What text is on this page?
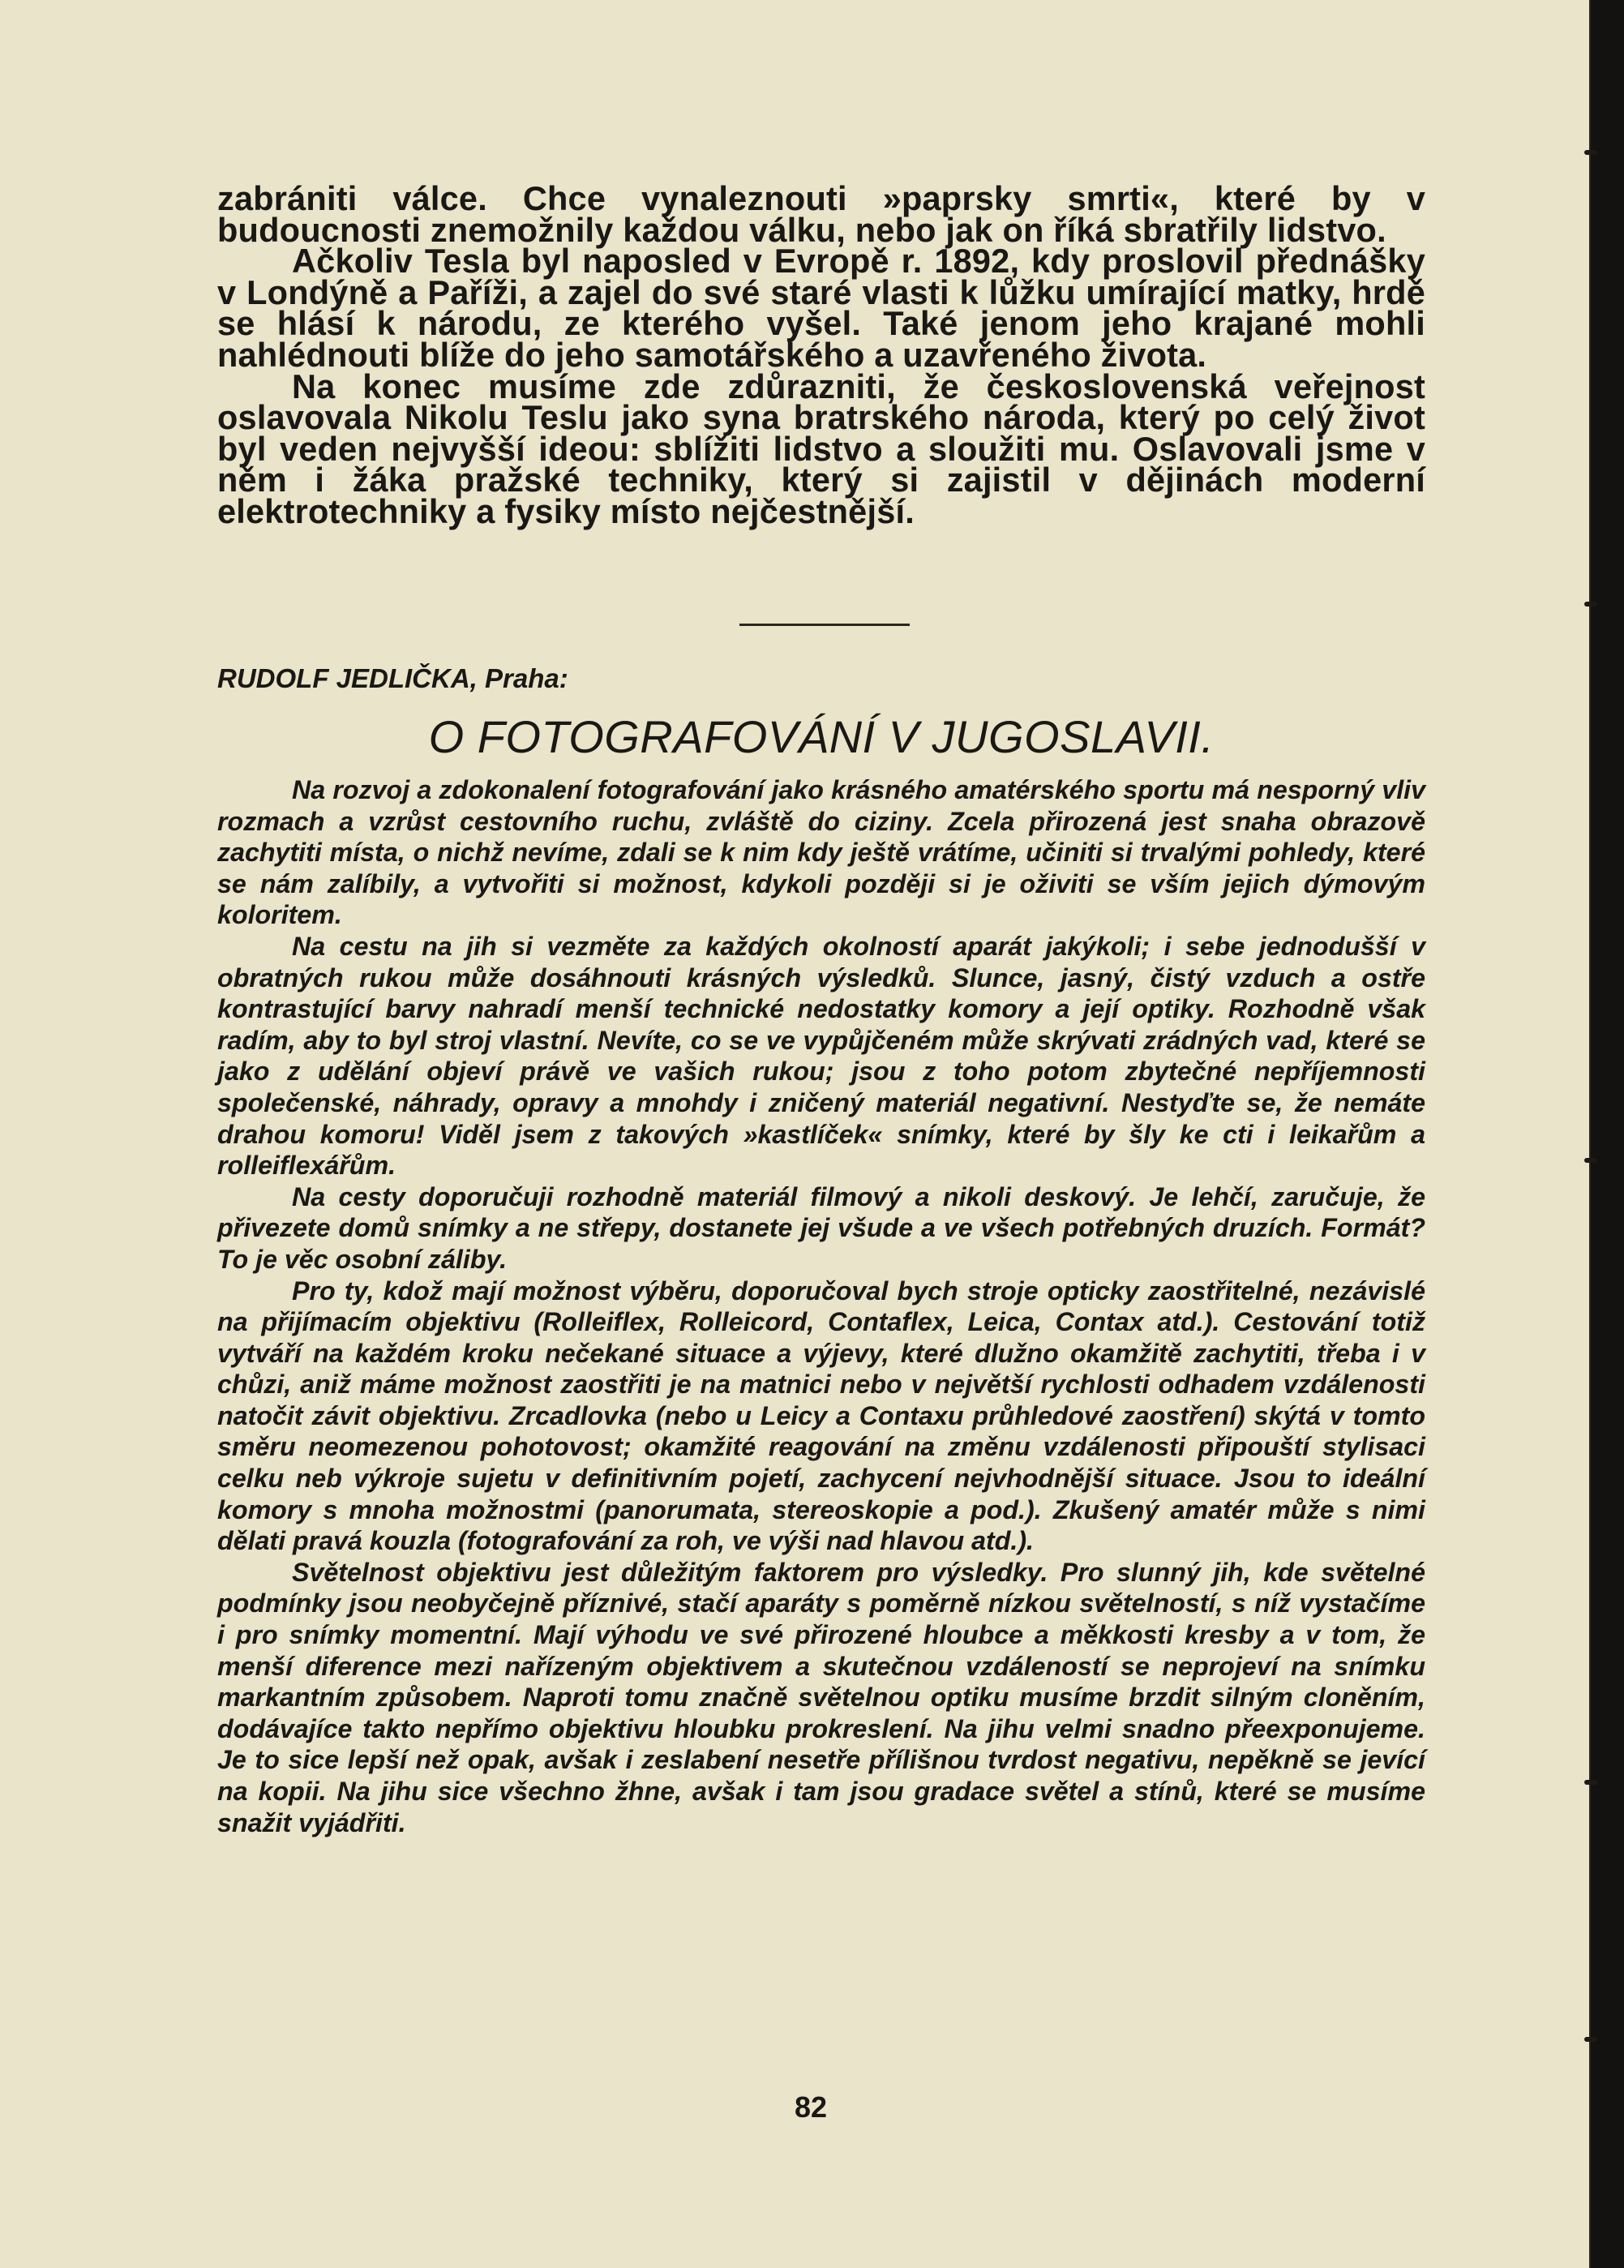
zabrániti válce. Chce vynaleznouti »paprsky smrti«, které by v budoucnosti znemožnily každou válku, nebo jak on říká sbratřily lidstvo.

Ačkoliv Tesla byl naposled v Evropě r. 1892, kdy proslovil přednášky v Londýně a Paříži, a zajel do své staré vlasti k lůžku umírající matky, hrdě se hlásí k národu, ze kterého vyšel. Také jenom jeho krajané mohli nahlédnouti blíže do jeho samotářského a uzavřeného života.

Na konec musíme zde zdůrazniti, že československá veřejnost oslavovala Nikolu Teslu jako syna bratrského národa, který po celý život byl veden nejvyšší ideou: sblížiti lidstvo a sloužiti mu. Oslavovali jsme v něm i žáka pražské techniky, který si zajistil v dějinách moderní elektrotechniky a fysiky místo nejčestnější.

RUDOLF JEDLIČKA, Praha:

O FOTOGRAFOVÁNÍ V JUGOSLAVII.

Na rozvoj a zdokonalení fotografování jako krásného amatérského sportu má nesporný vliv rozmach a vzrůst cestovního ruchu, zvláště do ciziny. Zcela přirozená jest snaha obrazově zachytiti místa, o nichž nevíme, zdali se k nim kdy ještě vrátíme, učiniti si trvalými pohledy, které se nám zalíbily, a vytvořiti si možnost, kdykoli později si je oživiti se vším jejich dýmovým koloritem.

Na cestu na jih si vezměte za každých okolností aparát jakýkoli; i sebe jednodušší v obratných rukou může dosáhnouti krásných výsledků. Slunce, jasný, čistý vzduch a ostře kontrastující barvy nahradí menší technické nedostatky komory a její optiky. Rozhodně však radím, aby to byl stroj vlastní. Nevíte, co se ve vypůjčeném může skrývati zrádných vad, které se jako z udělání objeví právě ve vašich rukou; jsou z toho potom zbytečné nepříjemnosti společenské, náhrady, opravy a mnohdy i zničený materiál negativní. Nestyďte se, že nemáte drahou komoru! Viděl jsem z takových »kastlíček« snímky, které by šly ke cti i leikařům a rolleiflexářům.

Na cesty doporučuji rozhodně materiál filmový a nikoli deskový. Je lehčí, zaručuje, že přivezete domů snímky a ne střepy, dostanete jej všude a ve všech potřebných druzích. Formát? To je věc osobní záliby.

Pro ty, kdož mají možnost výběru, doporučoval bych stroje opticky zaostřitelné, nezávislé na přijímacím objektivu (Rolleiflex, Rolleicord, Contaflex, Leica, Contax atd.). Cestování totiž vytváří na každém kroku nečekané situace a výjevy, které dlužno okamžitě zachytiti, třeba i v chůzi, aniž máme možnost zaostřiti je na matnici nebo v největší rychlosti odhadem vzdálenosti natočit závit objektivu. Zrcadlovka (nebo u Leicy a Contaxu průhledové zaostření) skýtá v tomto směru neomezenou pohotovost; okamžité reagování na změnu vzdálenosti připouští stylisaci celku neb výkroje sujetu v definitivním pojetí, zachycení nejvhodnější situace. Jsou to ideální komory s mnoha možnostmi (panorumata, stereoskopie a pod.). Zkušený amatér může s nimi dělati pravá kouzla (fotografování za roh, ve výši nad hlavou atd.).

Světelnost objektivu jest důležitým faktorem pro výsledky. Pro slunný jih, kde světelné podmínky jsou neobyčejně příznivé, stačí aparáty s poměrně nízkou světelností, s níž vystačíme i pro snímky momentní. Mají výhodu ve své přirozené hloubce a měkkosti kresby a v tom, že menší diference mezi nařízeným objektivem a skutečnou vzdáleností se neprojeví na snímku markantním způsobem. Naproti tomu značně světelnou optiku musíme brzdit silným cloněním, dodávajíce takto nepřímo objektivu hloubku prokreslení. Na jihu velmi snadno přeexponujeme. Je to sice lepší než opak, avšak i zeslabení nesetře přílišnou tvrdost negativu, nepěkně se jevící na kopii. Na jihu sice všechno žhne, avšak i tam jsou gradace světel a stínů, které se musíme snažit vyjádřiti.

82
